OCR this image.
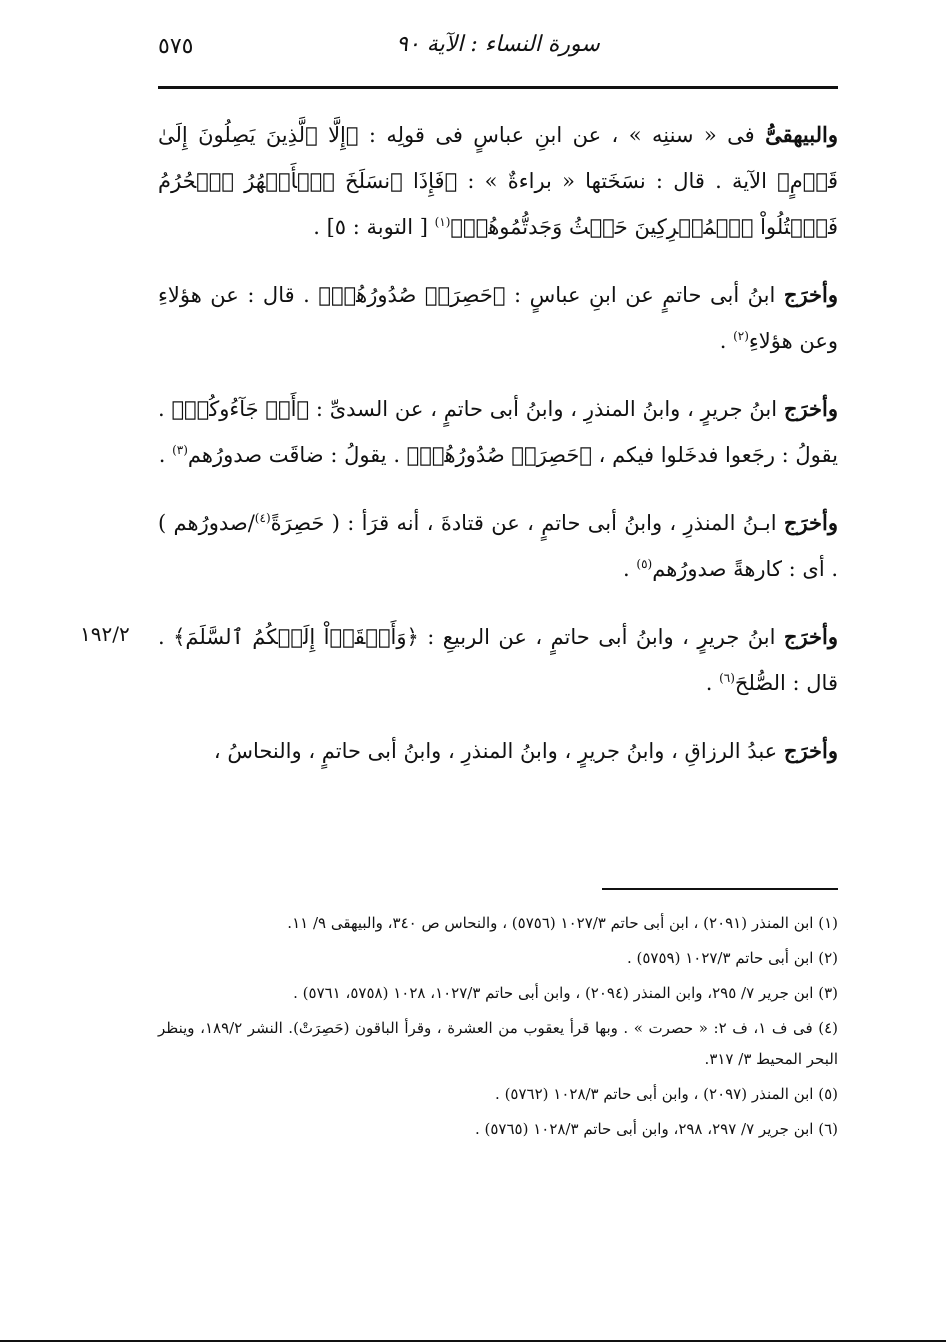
٥٧٥	سورة النساء : الآية ٩٠

والبيهقىُّ فى « سننِه » ، عن ابنِ عباسٍ فى قولِه : ﴿إِلَّا ٱلَّذِينَ يَصِلُونَ إِلَىٰ قَوۡمٍ﴾ الآية . قال : نسَخَتها « براءةٌ » : ﴿فَإِذَا ٱنسَلَخَ ٱلۡأَشۡهُرُ ٱلۡحُرُمُ فَٱقۡتُلُواْ ٱلۡمُشۡرِكِينَ حَيۡثُ وَجَدتُّمُوهُمۡ﴾$^{(١)}$ [ التوبة : ٥] .

وأخرَج ابنُ أبى حاتمٍ عن ابنِ عباسٍ : ﴿حَصِرَتۡ صُدُورُهُمۡ﴾ . قال : عن هؤلاءِ وعن هؤلاءِ$^{(٢)}$ .

وأخرَج ابنُ جريرٍ ، وابنُ المنذرِ ، وابنُ أبى حاتمٍ ، عن السدىِّ : ﴿أَوۡ جَآءُوكُمۡ﴾ . يقولُ : رجَعوا فدخَلوا فيكم ، ﴿حَصِرَتۡ صُدُورُهُمۡ﴾ . يقولُ : ضاقَت صدورُهم$^{(٣)}$ .

وأخرَج ابـنُ المنذرِ ، وابنُ أبى حاتمٍ ، عن قتادةَ ، أنه قرَأ : ( حَصِرَةً$^{(٤)}$/صدورُهم ) . أى : كارهةً صدورُهم$^{(٥)}$ .

وأخرَج ابنُ جريرٍ ، وابنُ أبى حاتمٍ ، عن الربيعِ : ﴿وَأَلۡقَوۡاْ إِلَيۡكُمُ ٱلسَّلَمَ﴾ . قال : الصُّلحَ$^{(٦)}$ .

وأخرَج عبدُ الرزاقِ ، وابنُ جريرٍ ، وابنُ المنذرِ ، وابنُ أبى حاتمٍ ، والنحاسُ ،

١٩٢/٢

(١) ابن المنذر (٢٠٩١) ، ابن أبى حاتم ١٠٢٧/٣ (٥٧٥٦) ، والنحاس ص ٣٤٠، والبيهقى ٩/ ١١.

(٢) ابن أبى حاتم ١٠٢٧/٣ (٥٧٥٩) .

(٣) ابن جرير ٧/ ٢٩٥، وابن المنذر (٢٠٩٤) ، وابن أبى حاتم ١٠٢٧/٣، ١٠٢٨ (٥٧٥٨، ٥٧٦١) .

(٤) فى ف ١، ف ٢: « حصرت » . وبها قرأ يعقوب من العشرة ، وقرأ الباقون (حَصِرَتْ). النشر ١٨٩/٢، وينظر البحر المحيط ٣/ ٣١٧.

(٥) ابن المنذر (٢٠٩٧) ، وابن أبى حاتم ١٠٢٨/٣ (٥٧٦٢) .

(٦) ابن جرير ٧/ ٢٩٧، ٢٩٨، وابن أبى حاتم ١٠٢٨/٣ (٥٧٦٥) .
